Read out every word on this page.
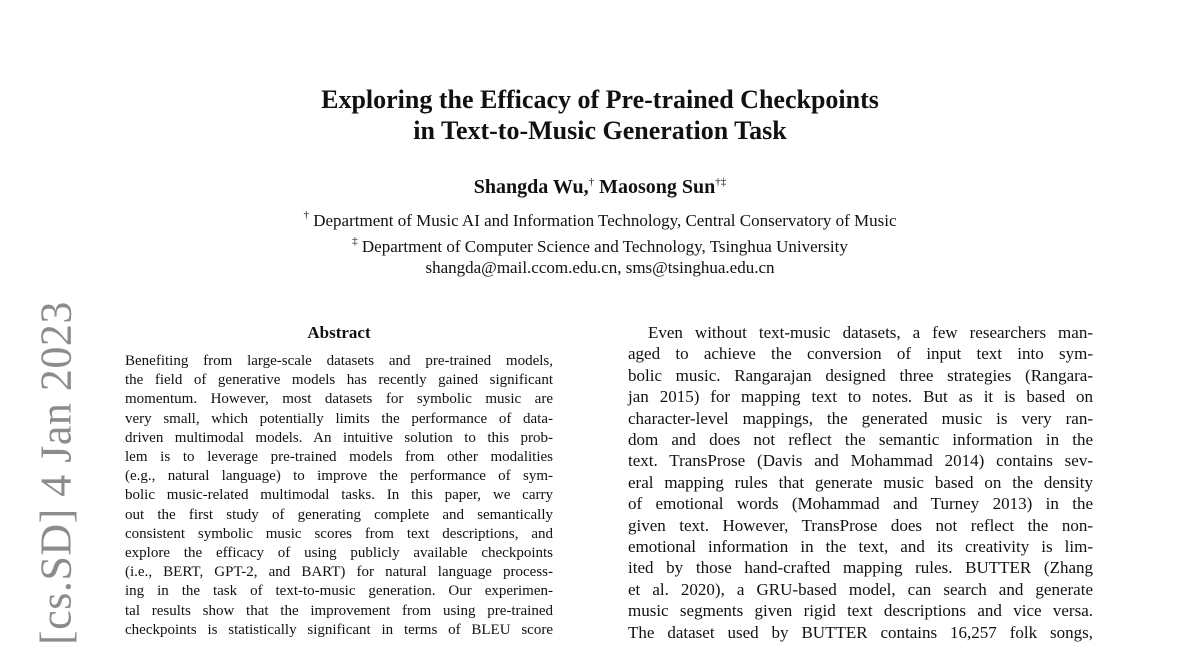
[cs.SD] 4 Jan 2023
Exploring the Efficacy of Pre-trained Checkpoints
in Text-to-Music Generation Task
Shangda Wu,† Maosong Sun†‡
† Department of Music AI and Information Technology, Central Conservatory of Music
‡ Department of Computer Science and Technology, Tsinghua University
shangda@mail.ccom.edu.cn, sms@tsinghua.edu.cn
Abstract
Benefiting from large-scale datasets and pre-trained models,
the field of generative models has recently gained significant
momentum. However, most datasets for symbolic music are
very small, which potentially limits the performance of data-
driven multimodal models. An intuitive solution to this prob-
lem is to leverage pre-trained models from other modalities
(e.g., natural language) to improve the performance of sym-
bolic music-related multimodal tasks. In this paper, we carry
out the first study of generating complete and semantically
consistent symbolic music scores from text descriptions, and
explore the efficacy of using publicly available checkpoints
(i.e., BERT, GPT-2, and BART) for natural language process-
ing in the task of text-to-music generation. Our experimen-
tal results show that the improvement from using pre-trained
checkpoints is statistically significant in terms of BLEU score
Even without text-music datasets, a few researchers man-
aged to achieve the conversion of input text into sym-
bolic music. Rangarajan designed three strategies (Rangara-
jan 2015) for mapping text to notes. But as it is based on
character-level mappings, the generated music is very ran-
dom and does not reflect the semantic information in the
text. TransProse (Davis and Mohammad 2014) contains sev-
eral mapping rules that generate music based on the density
of emotional words (Mohammad and Turney 2013) in the
given text. However, TransProse does not reflect the non-
emotional information in the text, and its creativity is lim-
ited by those hand-crafted mapping rules. BUTTER (Zhang
et al. 2020), a GRU-based model, can search and generate
music segments given rigid text descriptions and vice versa.
The dataset used by BUTTER contains 16,257 folk songs,
